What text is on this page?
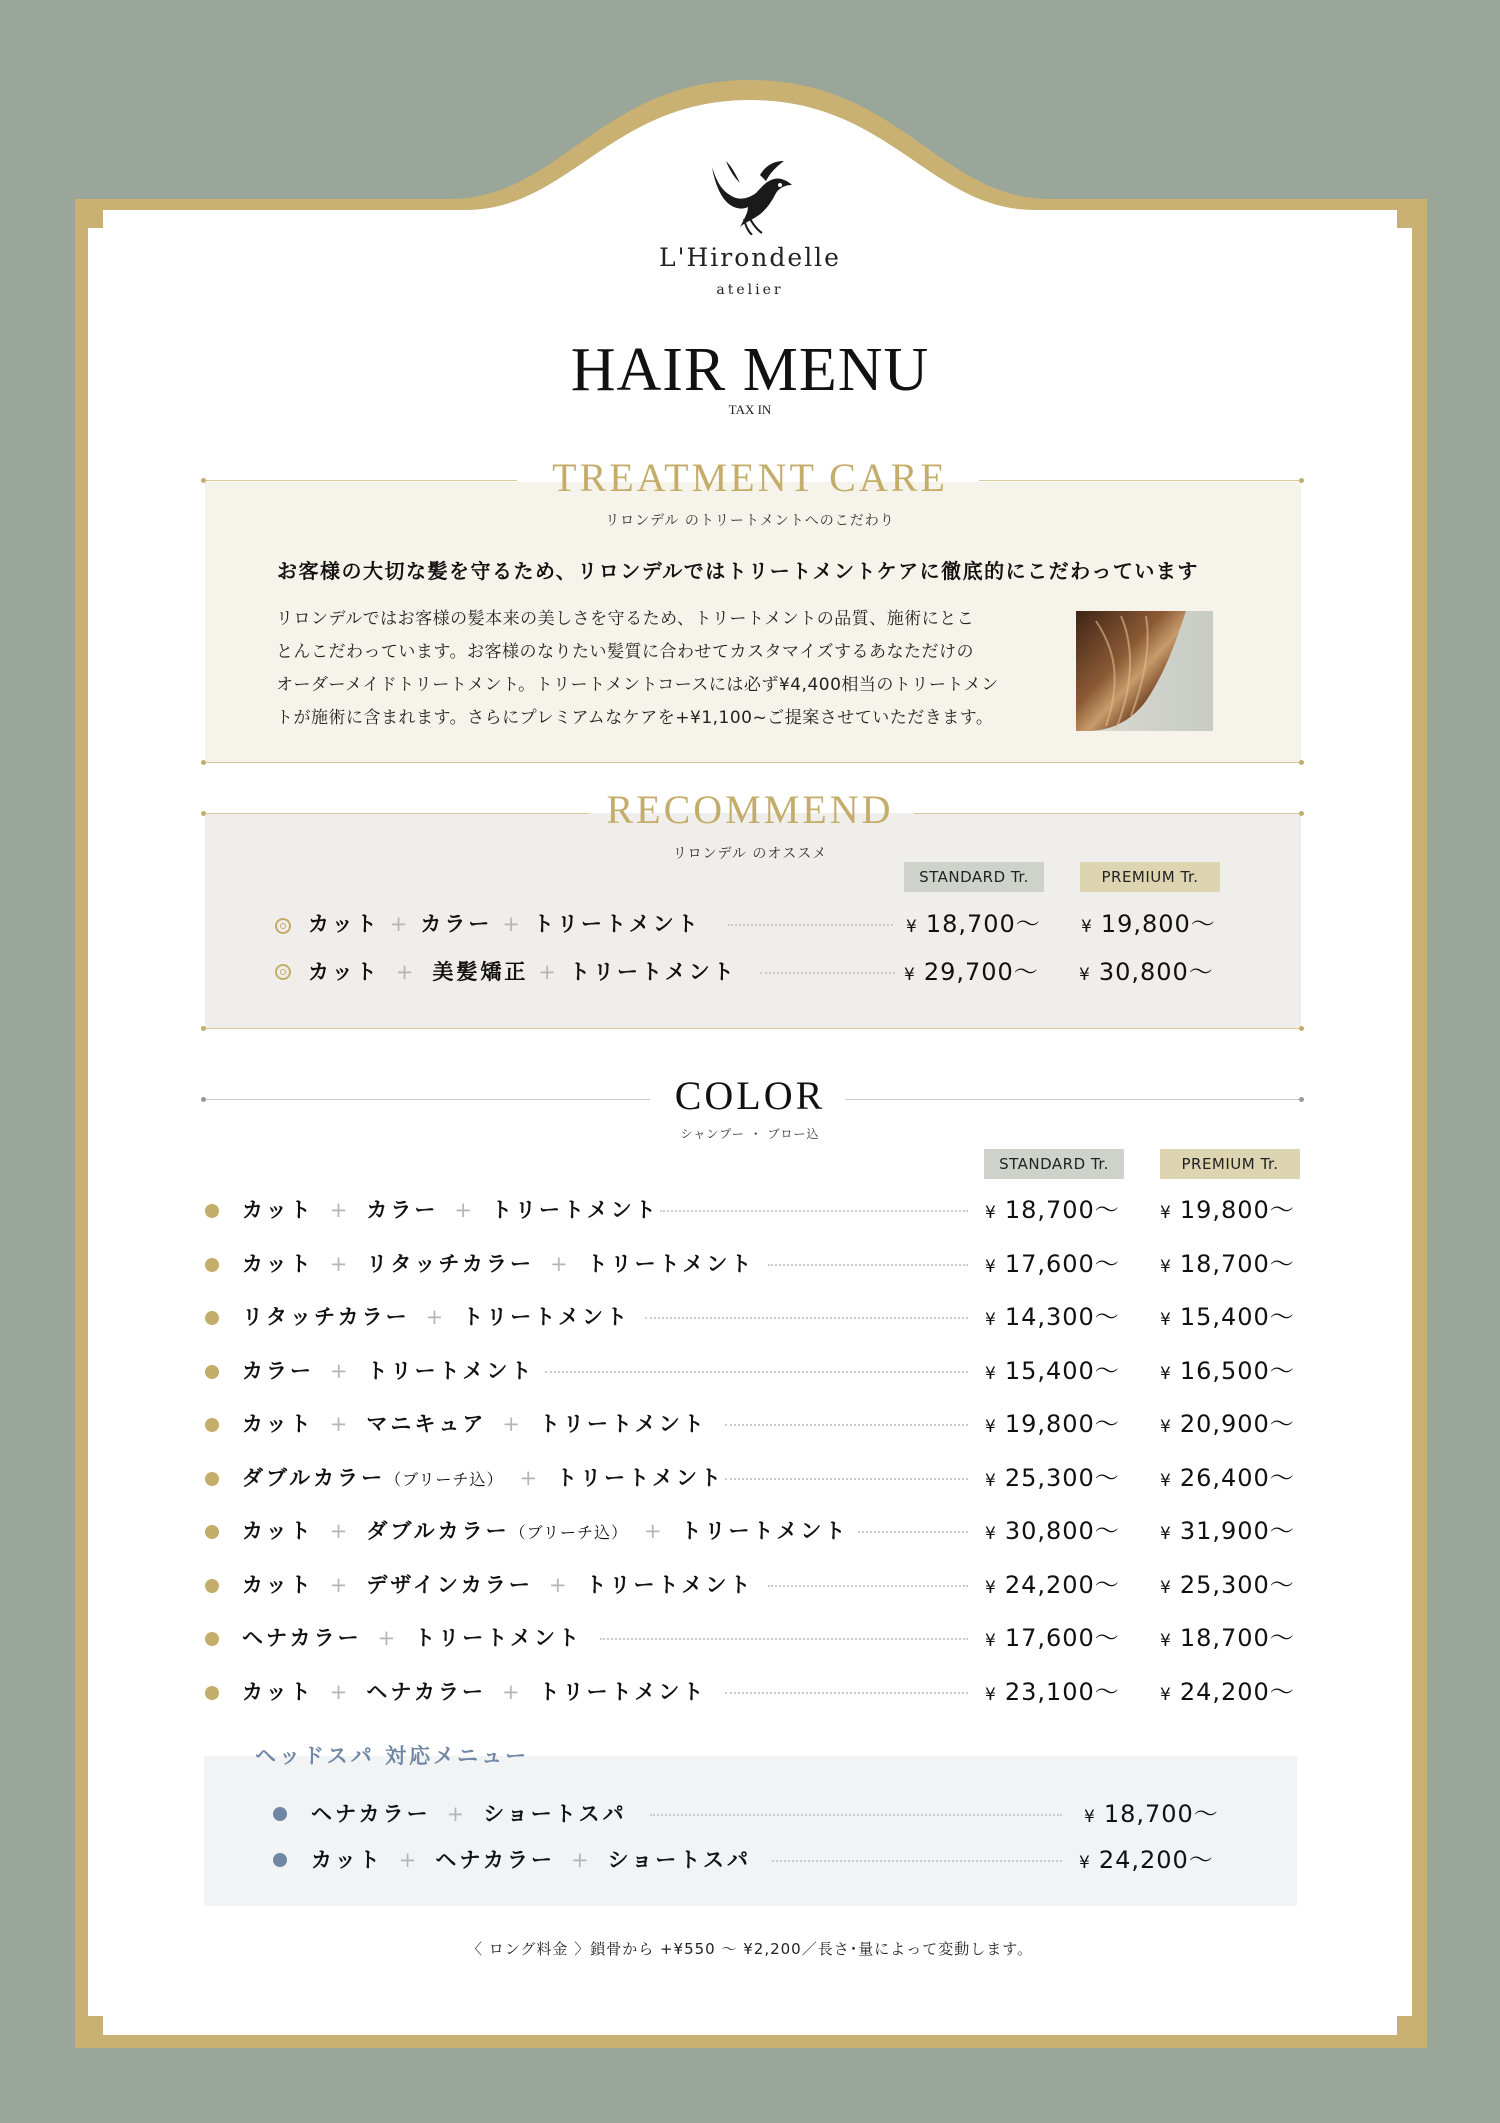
L'Hirondelle
atelier
HAIR MENU
TAX IN
TREATMENT CARE
リロンデル のトリートメントへのこだわり
お客様の大切な髪を守るため、リロンデルではトリートメントケアに徹底的にこだわっています
リロンデルではお客様の髪本来の美しさを守るため、トリートメントの品質、施術にとこ
とんこだわっています。お客様のなりたい髪質に合わせてカスタマイズするあなただけの
オーダーメイドトリートメント。トリートメントコースには必ず¥4,400相当のトリートメン
トが施術に含まれます。さらにプレミアムなケアを+¥1,100~ご提案させていただきます。
RECOMMEND
リロンデル のオススメ
STANDARD Tr.	PREMIUM Tr.
カット + カラー + トリートメント	¥ 18,700〜 ¥ 19,800〜
カット + 美髪矯正 + トリートメント	¥ 29,700〜 ¥ 30,800〜
COLOR
シャンプー ・ ブロー込
STANDARD Tr.	PREMIUM Tr.
カット + カラー + トリートメント	¥ 18,700〜 ¥ 19,800〜
カット + リタッチカラー + トリートメント	¥ 17,600〜 ¥ 18,700〜
リタッチカラー + トリートメント	¥ 14,300〜 ¥ 15,400〜
カラー + トリートメント	¥ 15,400〜 ¥ 16,500〜
カット + マニキュア + トリートメント	¥ 19,800〜 ¥ 20,900〜
ダブルカラー（ブリーチ込） + トリートメント	¥ 25,300〜 ¥ 26,400〜
カット + ダブルカラー（ブリーチ込） + トリートメント	¥ 30,800〜 ¥ 31,900〜
カット + デザインカラー + トリートメント	¥ 24,200〜 ¥ 25,300〜
ヘナカラー + トリートメント	¥ 17,600〜 ¥ 18,700〜
カット + ヘナカラー + トリートメント	¥ 23,100〜 ¥ 24,200〜
ヘッドスパ 対応メニュー
ヘナカラー + ショートスパ	¥ 18,700〜
カット + ヘナカラー + ショートスパ	¥ 24,200〜
〈 ロング料金 〉鎖骨から +¥550 〜 ¥2,200／長さ･量によって変動します。
